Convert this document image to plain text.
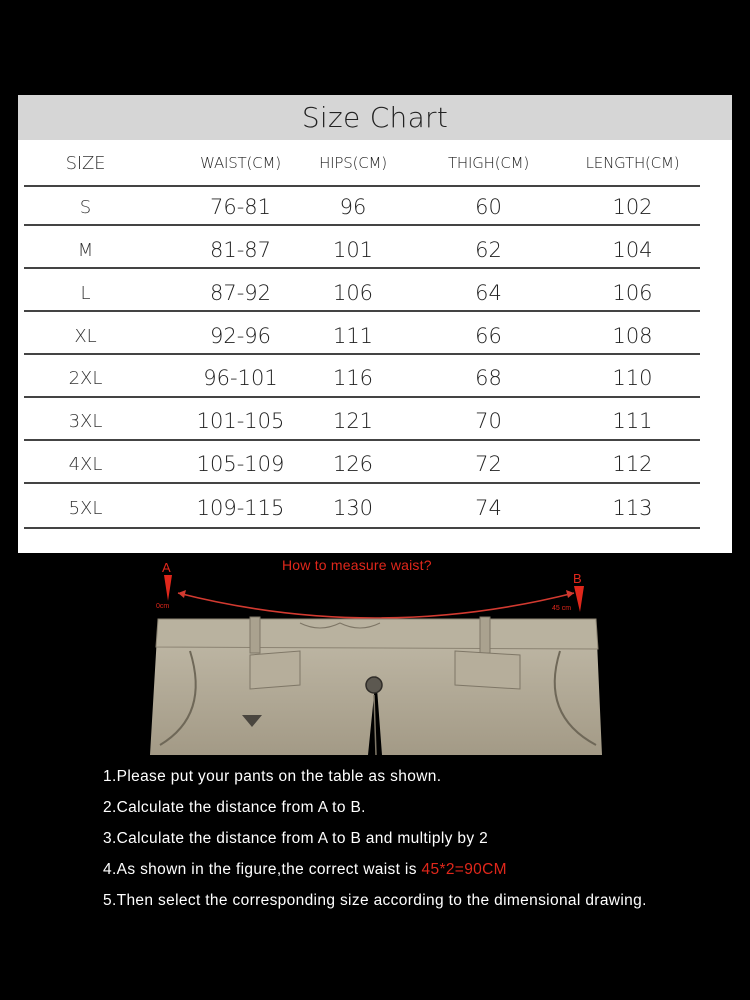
Size Chart
SIZE	WAIST(CM)	HIPS(CM)	THIGH(CM)	LENGTH(CM)
S	76-81	96	60	102
M	81-87	101	62	104
L	87-92	106	64	106
XL	92-96	111	66	108
2XL	96-101	116	68	110
3XL	101-105	121	70	111
4XL	105-109	126	72	112
5XL	109-115	130	74	113
How to measure waist?
A
0cm
B
45 cm
1.Please put your pants on the table as shown.
2.Calculate the distance from A to B.
3.Calculate the distance from A to B and multiply by 2
4.As shown in the figure,the correct waist is 45*2=90CM
5.Then select the corresponding size according to the dimensional drawing.
